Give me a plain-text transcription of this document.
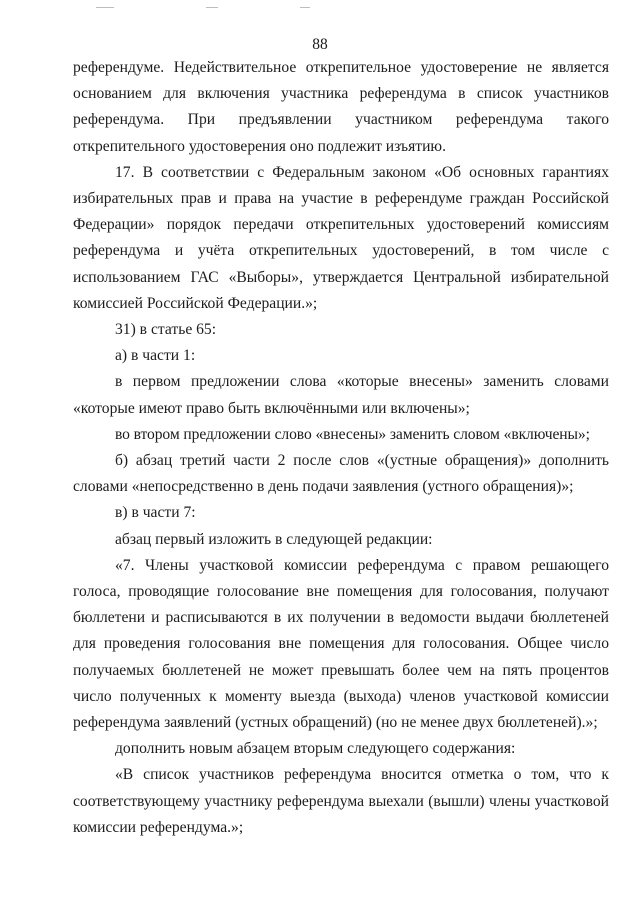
88

референдуме. Недействительное открепительное удостоверение не является основанием для включения участника референдума в список участников референдума. При предъявлении участником референдума такого открепительного удостоверения оно подлежит изъятию.

17. В соответствии с Федеральным законом «Об основных гарантиях избирательных прав и права на участие в референдуме граждан Российской Федерации» порядок передачи открепительных удостоверений комиссиям референдума и учёта открепительных удостоверений, в том числе с использованием ГАС «Выборы», утверждается Центральной избирательной комиссией Российской Федерации.»;

31) в статье 65:

а) в части 1:

в первом предложении слова «которые внесены» заменить словами «которые имеют право быть включёнными или включены»;

во втором предложении слово «внесены» заменить словом «включены»;

б) абзац третий части 2 после слов «(устные обращения)» дополнить словами «непосредственно в день подачи заявления (устного обращения)»;

в) в части 7:

абзац первый изложить в следующей редакции:

«7. Члены участковой комиссии референдума с правом решающего голоса, проводящие голосование вне помещения для голосования, получают бюллетени и расписываются в их получении в ведомости выдачи бюллетеней для проведения голосования вне помещения для голосования. Общее число получаемых бюллетеней не может превышать более чем на пять процентов число полученных к моменту выезда (выхода) членов участковой комиссии референдума заявлений (устных обращений) (но не менее двух бюллетеней).»;

дополнить новым абзацем вторым следующего содержания:

«В список участников референдума вносится отметка о том, что к соответствующему участнику референдума выехали (вышли) члены участковой комиссии референдума.»;
